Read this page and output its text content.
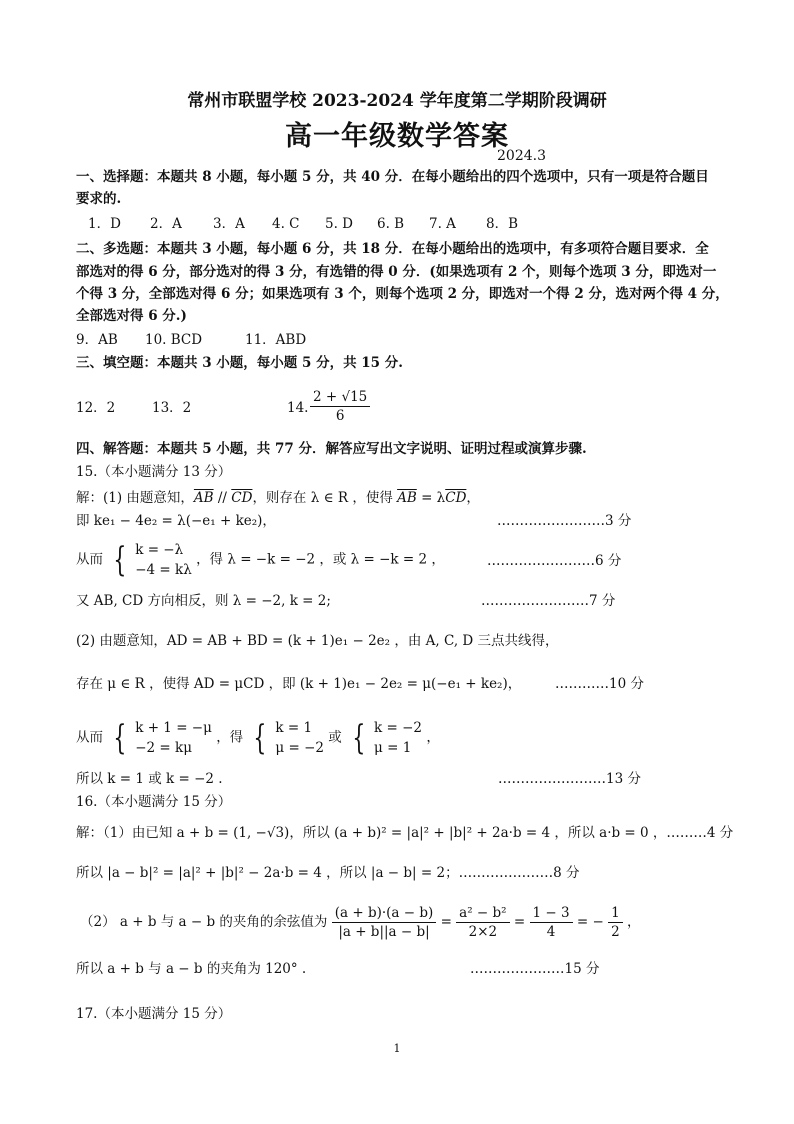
常州市联盟学校 2023-2024 学年度第二学期阶段调研
高一年级数学答案
2024.3
一、选择题：本题共 8 小题，每小题 5 分，共 40 分．在每小题给出的四个选项中，只有一项是符合题目
要求的.
1．D 2．A 3．A 4. C 5. D 6. B 7. A 8．B
二、多选题：本题共 3 小题，每小题 6 分，共 18 分．在每小题给出的选项中，有多项符合题目要求．全
部选对的得 6 分，部分选对的得 3 分，有选错的得 0 分．(如果选项有 2 个，则每个选项 3 分，即选对一
个得 3 分，全部选对得 6 分；如果选项有 3 个，则每个选项 2 分，即选对一个得 2 分，选对两个得 4 分，
全部选对得 6 分.)
9．AB 10. BCD	11．ABD
三、填空题：本题共 3 小题，每小题 5 分，共 15 分.
12．2	13．2	14. $\frac{2 + √15}{6}$
四、解答题：本题共 5 小题，共 77 分．解答应写出文字说明、证明过程或演算步骤.
15.（本小题满分 13 分）
解：(1) 由题意知，$\overline{AB} // \overline{CD}$，则存在 λ ∈ R ，使得 $\overline{AB} = \lambda\overline{CD}$，
即 ke₁ − 4e₂ = λ(−e₁ + ke₂)，	……………………3 分
从而 { k = −λ
−4 = kλ
，得 λ = −k = −2 ，或 λ = −k = 2 ，	……………………6 分
又 AB, CD 方向相反，则 λ = −2, k = 2;	……………………7 分
(2) 由题意知，AD = AB + BD = (k + 1)e₁ − 2e₂ ，由 A, C, D 三点共线得，
存在 μ ∈ R ，使得 AD = μCD ，即 (k + 1)e₁ − 2e₂ = μ(−e₁ + ke₂)，	…………10 分
从而 { k + 1 = −μ
−2 = kμ
，得 { k = 1
μ = −2
或 { k = −2
μ = 1
，
所以 k = 1 或 k = −2 .	……………………13 分
16.（本小题满分 15 分）
解：（1）由已知 a + b = (1, −√3)，所以 (a + b)² = |a|² + |b|² + 2a·b = 4 ，所以 a·b = 0 ，………4 分
所以 |a − b|² = |a|² + |b|² − 2a·b = 4 ，所以 |a − b| = 2；…………………8 分
（2） a + b 与 a − b 的夹角的余弦值为 $\frac{(a + b)\cdot(a - b)}{|a + b||a - b|} = \frac{\text{a² − b²}}{2\times 2} = \frac{1 - 3}{4}$ = − $\frac{1}{2}$ ，
所以 a + b 与 a − b 的夹角为 120° .	…………………15 分
17.（本小题满分 15 分）
1
